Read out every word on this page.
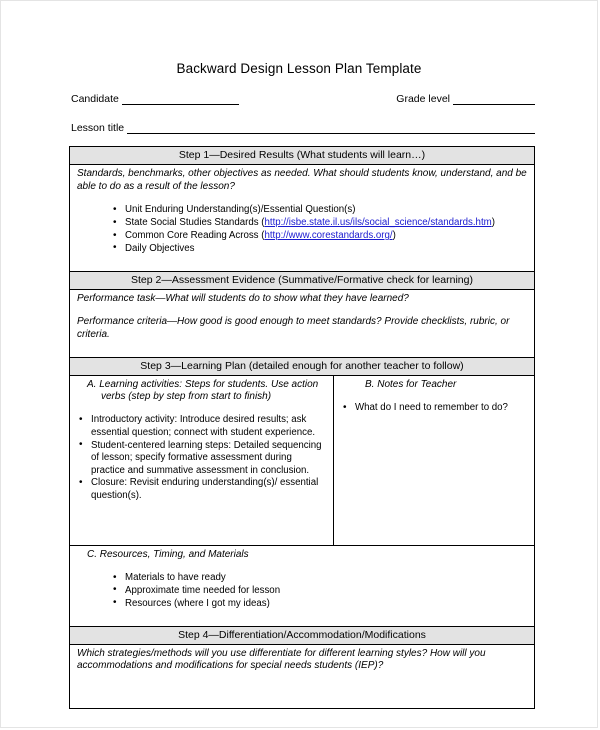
Backward Design Lesson Plan Template
Candidate	Grade level
Lesson title
Step 1—Desired Results (What students will learn…)

Standards, benchmarks, other objectives as needed. What should students know, understand, and be able to do as a result of the lesson?

• Unit Enduring Understanding(s)/Essential Question(s)
• State Social Studies Standards (http://isbe.state.il.us/ils/social_science/standards.htm)
• Common Core Reading Across (http://www.corestandards.org/)
• Daily Objectives

Step 2—Assessment Evidence (Summative/Formative check for learning)

Performance task—What will students do to show what they have learned?

Performance criteria—How good is good enough to meet standards? Provide checklists, rubric, or criteria.

Step 3—Learning Plan (detailed enough for another teacher to follow)

A. Learning activities: Steps for students. Use action verbs (step by step from start to finish)

• Introductory activity: Introduce desired results; ask essential question; connect with student experience.
• Student-centered learning steps: Detailed sequencing of lesson; specify formative assessment during practice and summative assessment in conclusion.
• Closure: Revisit enduring understanding(s)/ essential question(s).

B. Notes for Teacher

• What do I need to remember to do?

C. Resources, Timing, and Materials

• Materials to have ready
• Approximate time needed for lesson
• Resources (where I got my ideas)

Step 4—Differentiation/Accommodation/Modifications

Which strategies/methods will you use differentiate for different learning styles? How will you accommodations and modifications for special needs students (IEP)?
